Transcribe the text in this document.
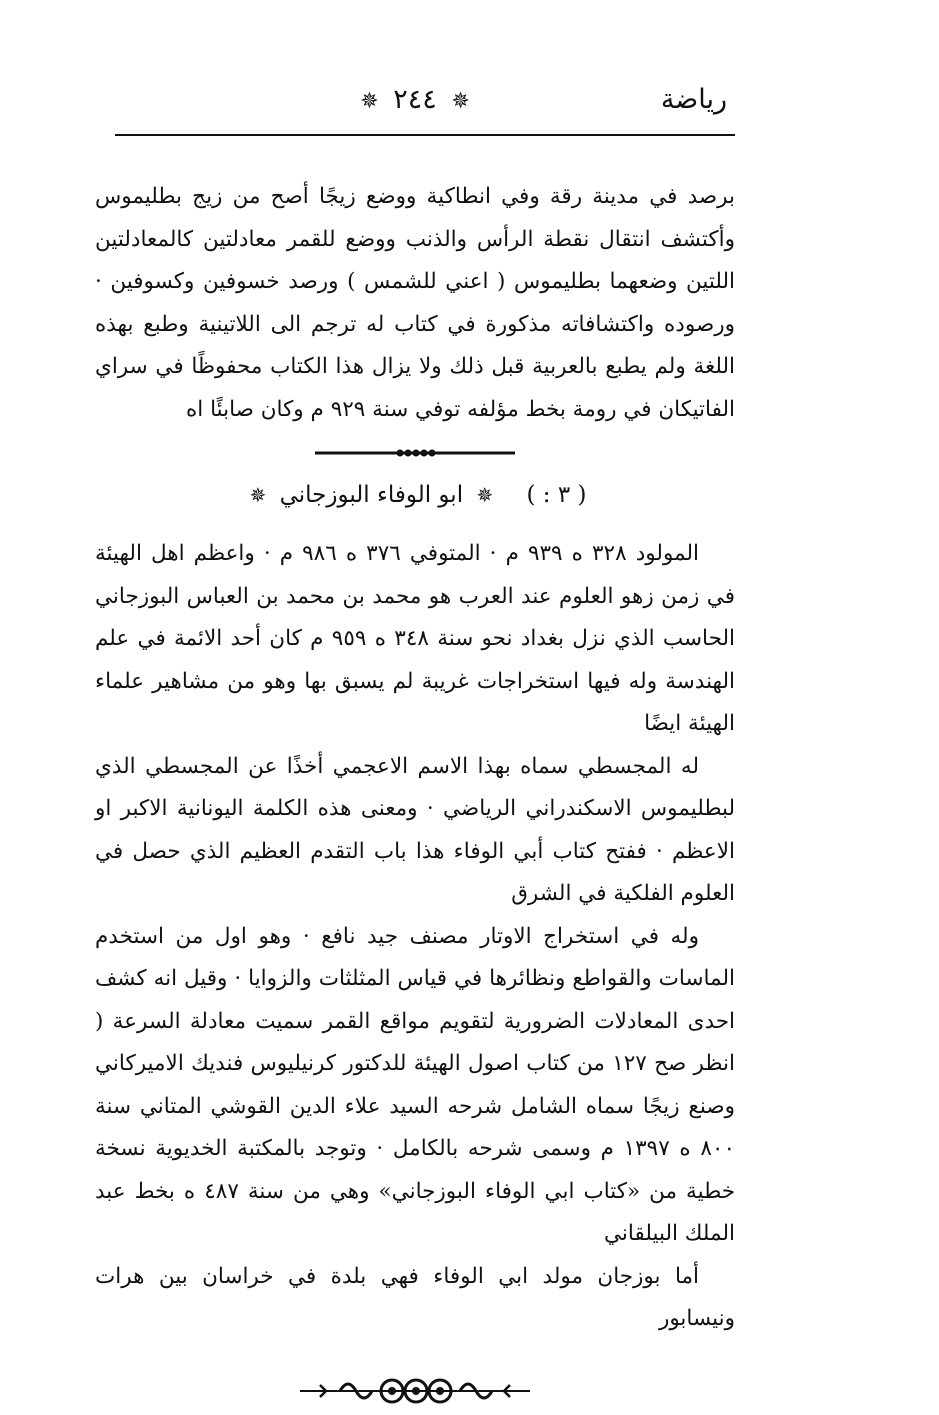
رياضة
✵ ٢٤٤ ✵

برصد في مدينة رقة وفي انطاكية ووضع زيجًا أصح من زيج بطليموس وأكتشف انتقال نقطة الرأس والذنب ووضع للقمر معادلتين كالمعادلتين اللتين وضعهما بطليموس ( اعني للشمس ) ورصد خسوفين وكسوفين · ورصوده واكتشافاته مذكورة في كتاب له ترجم الى اللاتينية وطبع بهذه اللغة ولم يطبع بالعربية قبل ذلك ولا يزال هذا الكتاب محفوظًا في سراي الفاتيكان في رومة بخط مؤلفه توفي سنة ٩٢٩ م وكان صابئًا اه

( ٣ : ) ✵ ابو الوفاء البوزجاني ✵

المولود ٣٢٨ ه ٩٣٩ م · المتوفي ٣٧٦ ه ٩٨٦ م · واعظم اهل الهيئة في زمن زهو العلوم عند العرب هو محمد بن محمد بن العباس البوزجاني الحاسب الذي نزل بغداد نحو سنة ٣٤٨ ه ٩٥٩ م كان أحد الائمة في علم الهندسة وله فيها استخراجات غريبة لم يسبق بها وهو من مشاهير علماء الهيئة ايضًا

له المجسطي سماه بهذا الاسم الاعجمي أخذًا عن المجسطي الذي لبطليموس الاسكندراني الرياضي · ومعنى هذه الكلمة اليونانية الاكبر او الاعظم · ففتح كتاب أبي الوفاء هذا باب التقدم العظيم الذي حصل في العلوم الفلكية في الشرق

وله في استخراج الاوتار مصنف جيد نافع · وهو اول من استخدم الماسات والقواطع ونظائرها في قياس المثلثات والزوايا · وقيل انه كشف احدى المعادلات الضرورية لتقويم مواقع القمر سميت معادلة السرعة ( انظر صح ١٢٧ من كتاب اصول الهيئة للدكتور كرنيليوس فنديك الاميركاني وصنع زيجًا سماه الشامل شرحه السيد علاء الدين القوشي المتاني سنة ٨٠٠ ه ١٣٩٧ م وسمى شرحه بالكامل · وتوجد بالمكتبة الخديوية نسخة خطية من «كتاب ابي الوفاء البوزجاني» وهي من سنة ٤٨٧ ه بخط عبد الملك البيلقاني

أما بوزجان مولد ابي الوفاء فهي بلدة في خراسان بين هرات ونيسابور
